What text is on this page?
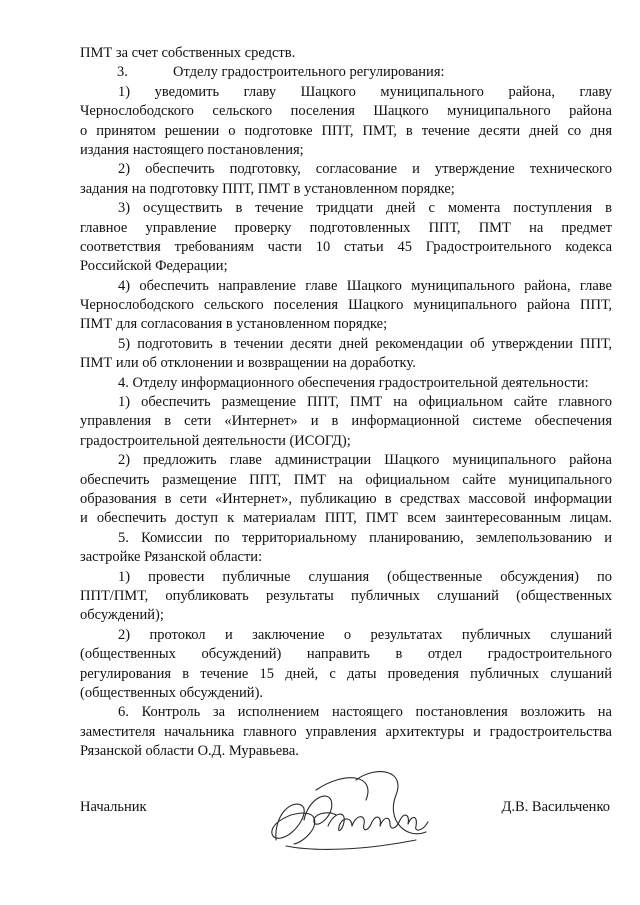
ПМТ за счет собственных средств.
3.	Отделу градостроительного регулирования:
1) уведомить главу Шацкого муниципального района, главу
Чернослободского сельского поселения Шацкого муниципального района
о принятом решении о подготовке ППТ, ПМТ, в течение десяти дней со дня
издания настоящего постановления;
2) обеспечить подготовку, согласование и утверждение технического
задания на подготовку ППТ, ПМТ в установленном порядке;
3) осуществить в течение тридцати дней с момента поступления в
главное управление проверку подготовленных ППТ, ПМТ на предмет
соответствия требованиям части 10 статьи 45 Градостроительного кодекса
Российской Федерации;
4) обеспечить направление главе Шацкого муниципального района, главе
Чернослободского сельского поселения Шацкого муниципального района ППТ,
ПМТ для согласования в установленном порядке;
5) подготовить в течении десяти дней рекомендации об утверждении ППТ,
ПМТ или об отклонении и возвращении на доработку.
4. Отделу информационного обеспечения градостроительной деятельности:
1) обеспечить размещение ППТ, ПМТ на официальном сайте главного
управления в сети «Интернет» и в информационной системе обеспечения
градостроительной деятельности (ИСОГД);
2) предложить главе администрации Шацкого муниципального района
обеспечить размещение ППТ, ПМТ на официальном сайте муниципального
образования в сети «Интернет», публикацию в средствах массовой информации
и обеспечить доступ к материалам ППТ, ПМТ всем заинтересованным лицам.
5. Комиссии по территориальному планированию, землепользованию и
застройке Рязанской области:
1) провести публичные слушания (общественные обсуждения) по
ППТ/ПМТ, опубликовать результаты публичных слушаний (общественных
обсуждений);
2) протокол и заключение о результатах публичных слушаний
(общественных обсуждений) направить в отдел градостроительного
регулирования в течение 15 дней, с даты проведения публичных слушаний
(общественных обсуждений).
6. Контроль за исполнением настоящего постановления возложить на
заместителя начальника главного управления архитектуры и градостроительства
Рязанской области О.Д. Муравьева.
Начальник	Д.В. Васильченко
